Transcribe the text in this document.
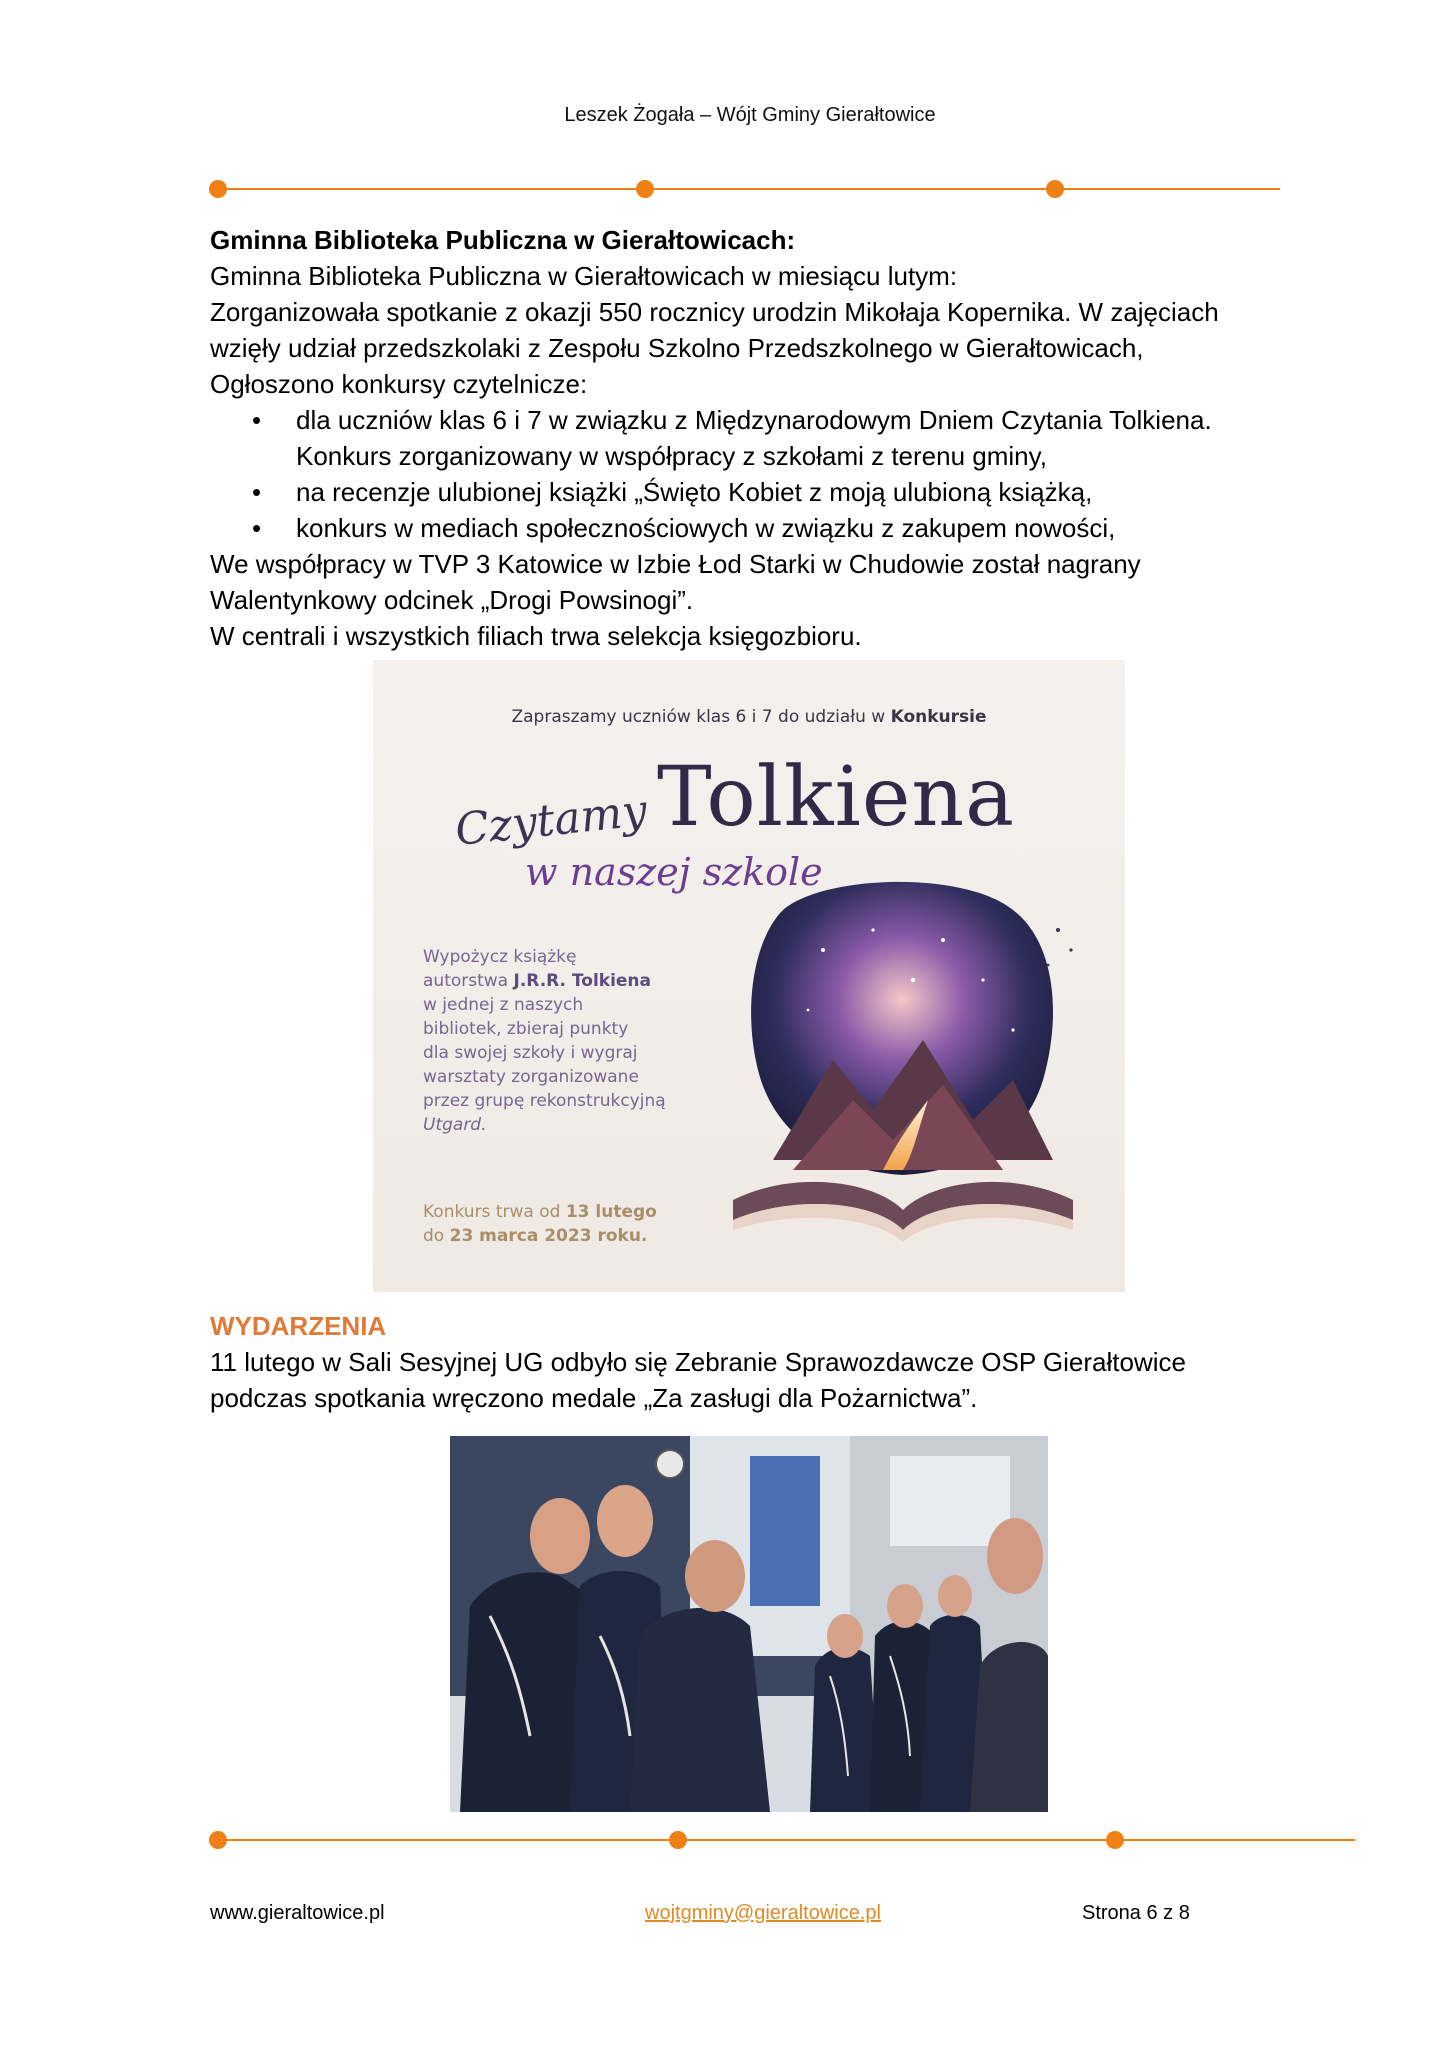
Leszek Żogała – Wójt Gminy Gierałtowice

Gminna Biblioteka Publiczna w Gierałtowicach:

Gminna Biblioteka Publiczna w Gierałtowicach w miesiącu lutym:

Zorganizowała spotkanie z okazji 550 rocznicy urodzin Mikołaja Kopernika. W zajęciach

wzięły udział przedszkolaki z Zespołu Szkolno Przedszkolnego w Gierałtowicach,

Ogłoszono konkursy czytelnicze:

• dla uczniów klas 6 i 7 w związku z Międzynarodowym Dniem Czytania Tolkiena.
Konkurs zorganizowany w współpracy z szkołami z terenu gminy,
• na recenzje ulubionej książki „Święto Kobiet z moją ulubioną książką,
• konkurs w mediach społecznościowych w związku z zakupem nowości,

We współpracy w TVP 3 Katowice w Izbie Łod Starki w Chudowie został nagrany

Walentynkowy odcinek „Drogi Powsinogi”.

W centrali i wszystkich filiach trwa selekcja księgozbioru.

Zapraszamy uczniów klas 6 i 7 do udziału w Konkursie
Czytamy Tolkiena
w naszej szkole
Wypożycz książkę
autorstwa J.R.R. Tolkiena
w jednej z naszych
bibliotek, zbieraj punkty
dla swojej szkoły i wygraj
warsztaty zorganizowane
przez grupę rekonstrukcyjną
Utgard.
Konkurs trwa od 13 lutego
do 23 marca 2023 roku.
WYDARZENIA
11 lutego w Sali Sesyjnej UG odbyło się Zebranie Sprawozdawcze OSP Gierałtowice
podczas spotkania wręczono medale „Za zasługi dla Pożarnictwa”.
www.gieraltowice.pl	wojtgminy@gieraltowice.pl	Strona 6 z 8
